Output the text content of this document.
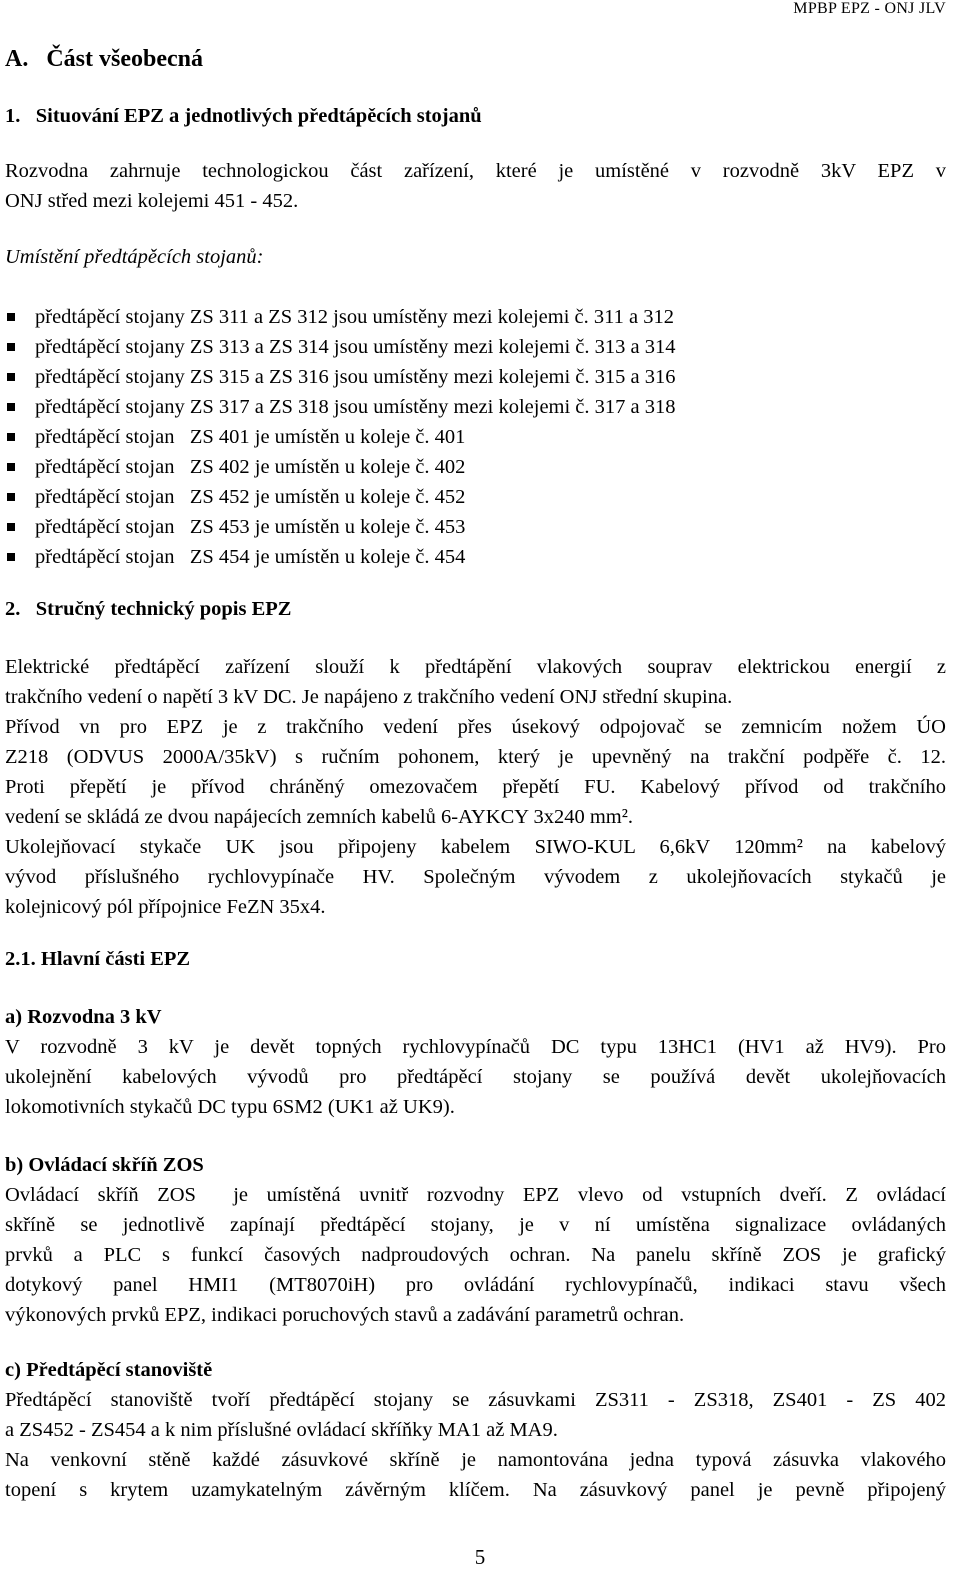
MPBP EPZ - ONJ JLV
A.   Část všeobecná
1.   Situování EPZ a jednotlivých předtápěcích stojanů
Rozvodna zahrnuje technologickou část zařízení, které je umístěné v rozvodně 3kV EPZ v
ONJ střed mezi kolejemi 451 - 452.
Umístění předtápěcích stojanů:
předtápěcí stojany ZS 311 a ZS 312 jsou umístěny mezi kolejemi č. 311 a 312
předtápěcí stojany ZS 313 a ZS 314 jsou umístěny mezi kolejemi č. 313 a 314
předtápěcí stojany ZS 315 a ZS 316 jsou umístěny mezi kolejemi č. 315 a 316
předtápěcí stojany ZS 317 a ZS 318 jsou umístěny mezi kolejemi č. 317 a 318
předtápěcí stojan   ZS 401 je umístěn u koleje č. 401
předtápěcí stojan   ZS 402 je umístěn u koleje č. 402
předtápěcí stojan   ZS 452 je umístěn u koleje č. 452
předtápěcí stojan   ZS 453 je umístěn u koleje č. 453
předtápěcí stojan   ZS 454 je umístěn u koleje č. 454
2.   Stručný technický popis EPZ
Elektrické předtápěcí zařízení slouží k předtápění vlakových souprav elektrickou energií z
trakčního vedení o napětí 3 kV DC. Je napájeno z trakčního vedení ONJ střední skupina.
Přívod vn pro EPZ je z trakčního vedení přes úsekový odpojovač se zemnicím nožem ÚO
Z218 (ODVUS 2000A/35kV) s ručním pohonem, který je upevněný na trakční podpěře č. 12.
Proti přepětí je přívod chráněný omezovačem přepětí FU. Kabelový přívod od trakčního
vedení se skládá ze dvou napájecích zemních kabelů 6-AYKCY 3x240 mm².
Ukolejňovací stykače UK jsou připojeny kabelem SIWO-KUL 6,6kV 120mm² na kabelový
vývod příslušného rychlovypínače HV. Společným vývodem z ukolejňovacích stykačů je
kolejnicový pól přípojnice FeZN 35x4.
2.1. Hlavní části EPZ
a) Rozvodna 3 kV
V rozvodně 3 kV je devět topných rychlovypínačů DC typu 13HC1 (HV1 až HV9). Pro
ukolejnění kabelových vývodů pro předtápěcí stojany se používá devět ukolejňovacích
lokomotivních stykačů DC typu 6SM2 (UK1 až UK9).
b) Ovládací skříň ZOS
Ovládací skříň ZOS  je umístěná uvnitř rozvodny EPZ vlevo od vstupních dveří. Z ovládací
skříně se jednotlivě zapínají předtápěcí stojany, je v ní umístěna signalizace ovládaných
prvků a PLC s funkcí časových nadproudových ochran. Na panelu skříně ZOS je grafický
dotykový panel HMI1 (MT8070iH) pro ovládání rychlovypínačů, indikaci stavu všech
výkonových prvků EPZ, indikaci poruchových stavů a zadávání parametrů ochran.
c) Předtápěcí stanoviště
Předtápěcí stanoviště tvoří předtápěcí stojany se zásuvkami ZS311 - ZS318, ZS401 - ZS 402
a ZS452 - ZS454 a k nim příslušné ovládací skříňky MA1 až MA9.
Na venkovní stěně každé zásuvkové skříně je namontována jedna typová zásuvka vlakového
topení s krytem uzamykatelným závěrným klíčem. Na zásuvkový panel je pevně připojený
5
